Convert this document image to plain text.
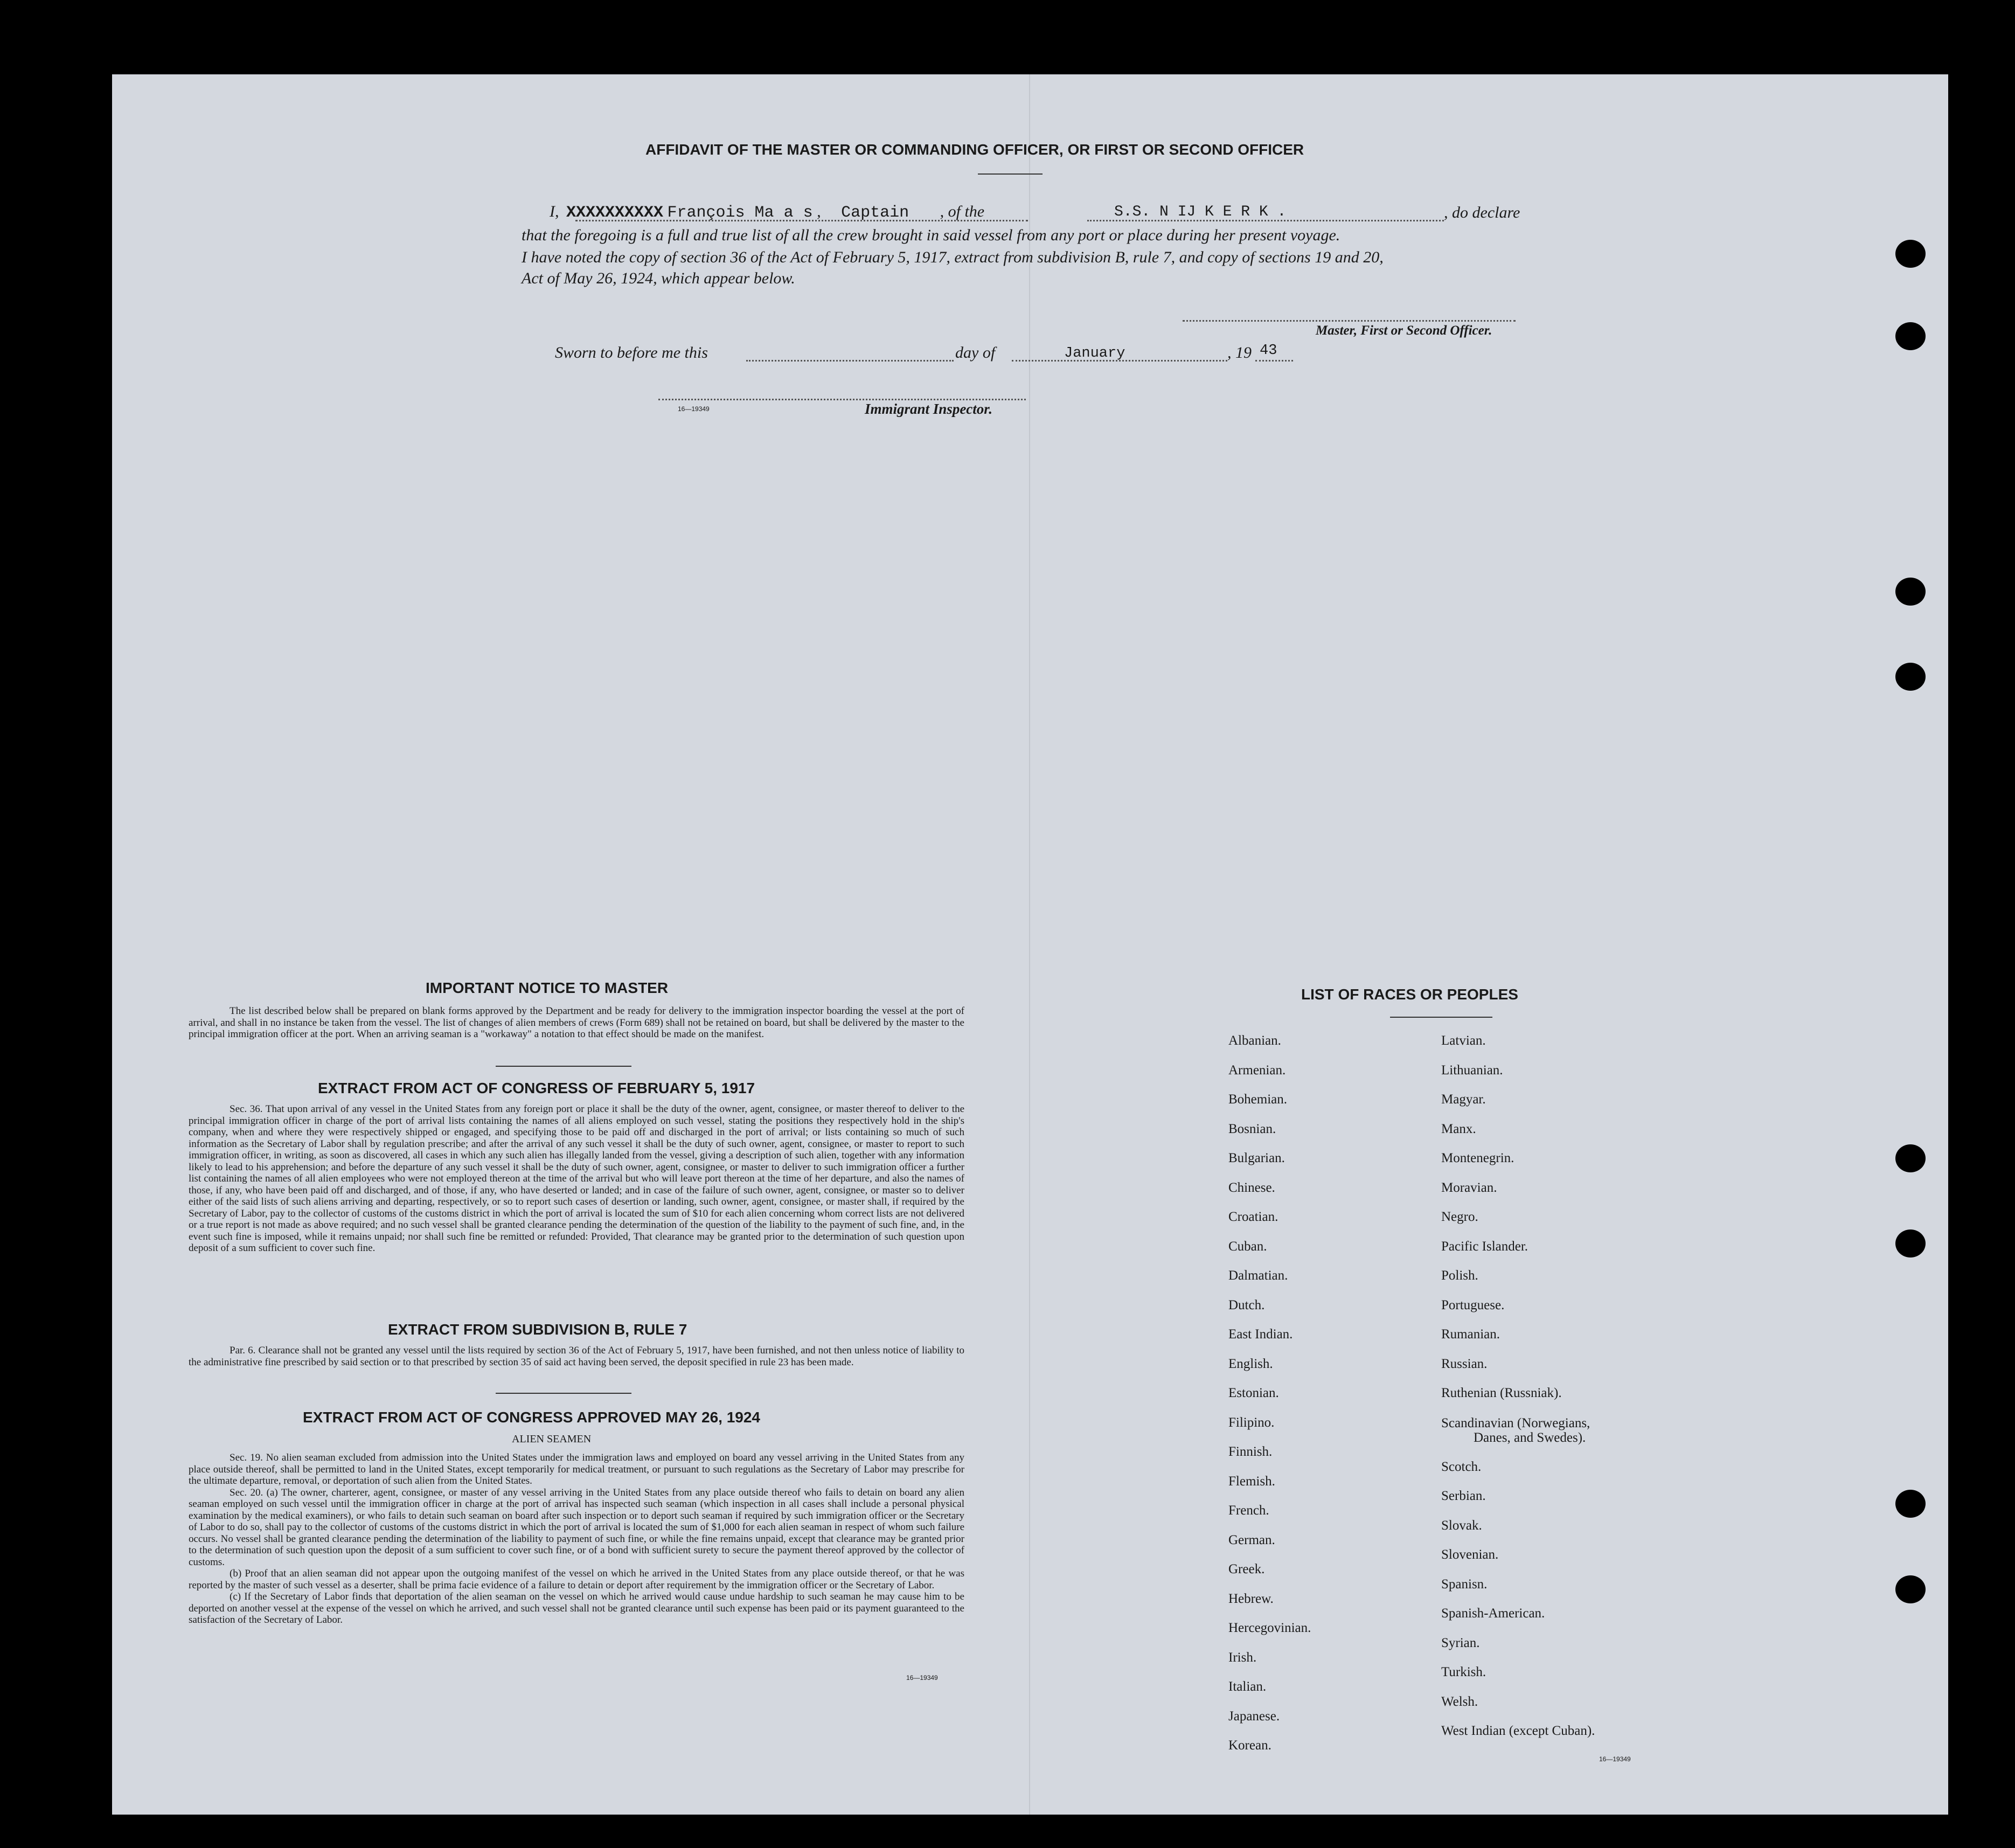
AFFIDAVIT OF THE MASTER OR COMMANDING OFFICER, OR FIRST OR SECOND OFFICER
I, XXXXXXXXXX François Ma a s , Captain , of the	S.S. N IJ K E R K .	, do declare
that the foregoing is a full and true list of all the crew brought in said vessel from any port or place during her present voyage.
I have noted the copy of section 36 of the Act of February 5, 1917, extract from subdivision B, rule 7, and copy of sections 19 and 20,
Act of May 26, 1924, which appear below.
Master, First or Second Officer.
Sworn to before me this	day of	January	, 19 43
16—19349	Immigrant Inspector.
IMPORTANT NOTICE TO MASTER

The list described below shall be prepared on blank forms approved by the Department and be ready for delivery to the immigration inspector boarding the vessel at the port of arrival, and shall in no instance be taken from the vessel. The list of changes of alien members of crews (Form 689) shall not be retained on board, but shall be delivered by the master to the principal immigration officer at the port. When an arriving seaman is a "workaway" a notation to that effect should be made on the manifest.

EXTRACT FROM ACT OF CONGRESS OF FEBRUARY 5, 1917

Sec. 36. That upon arrival of any vessel in the United States from any foreign port or place it shall be the duty of the owner, agent, consignee, or master thereof to deliver to the principal immigration officer in charge of the port of arrival lists containing the names of all aliens employed on such vessel, stating the positions they respectively hold in the ship's company, when and where they were respectively shipped or engaged, and specifying those to be paid off and discharged in the port of arrival; or lists containing so much of such information as the Secretary of Labor shall by regulation prescribe; and after the arrival of any such vessel it shall be the duty of such owner, agent, consignee, or master to report to such immigration officer, in writing, as soon as discovered, all cases in which any such alien has illegally landed from the vessel, giving a description of such alien, together with any information likely to lead to his apprehension; and before the departure of any such vessel it shall be the duty of such owner, agent, consignee, or master to deliver to such immigration officer a further list containing the names of all alien employees who were not employed thereon at the time of the arrival but who will leave port thereon at the time of her departure, and also the names of those, if any, who have been paid off and discharged, and of those, if any, who have deserted or landed; and in case of the failure of such owner, agent, consignee, or master so to deliver either of the said lists of such aliens arriving and departing, respectively, or so to report such cases of desertion or landing, such owner, agent, consignee, or master shall, if required by the Secretary of Labor, pay to the collector of customs of the customs district in which the port of arrival is located the sum of $10 for each alien concerning whom correct lists are not delivered or a true report is not made as above required; and no such vessel shall be granted clearance pending the determination of the question of the liability to the payment of such fine, and, in the event such fine is imposed, while it remains unpaid; nor shall such fine be remitted or refunded: Provided, That clearance may be granted prior to the determination of such question upon deposit of a sum sufficient to cover such fine.

EXTRACT FROM SUBDIVISION B, RULE 7

Par. 6. Clearance shall not be granted any vessel until the lists required by section 36 of the Act of February 5, 1917, have been furnished, and not then unless notice of liability to the administrative fine prescribed by said section or to that prescribed by section 35 of said act having been served, the deposit specified in rule 23 has been made.

EXTRACT FROM ACT OF CONGRESS APPROVED MAY 26, 1924
ALIEN SEAMEN

Sec. 19. No alien seaman excluded from admission into the United States under the immigration laws and employed on board any vessel arriving in the United States from any place outside thereof, shall be permitted to land in the United States, except temporarily for medical treatment, or pursuant to such regulations as the Secretary of Labor may prescribe for the ultimate departure, removal, or deportation of such alien from the United States.

Sec. 20. (a) The owner, charterer, agent, consignee, or master of any vessel arriving in the United States from any place outside thereof who fails to detain on board any alien seaman employed on such vessel until the immigration officer in charge at the port of arrival has inspected such seaman (which inspection in all cases shall include a personal physical examination by the medical examiners), or who fails to detain such seaman on board after such inspection or to deport such seaman if required by such immigration officer or the Secretary of Labor to do so, shall pay to the collector of customs of the customs district in which the port of arrival is located the sum of $1,000 for each alien seaman in respect of whom such failure occurs. No vessel shall be granted clearance pending the determination of the liability to payment of such fine, or while the fine remains unpaid, except that clearance may be granted prior to the determination of such question upon the deposit of a sum sufficient to cover such fine, or of a bond with sufficient surety to secure the payment thereof approved by the collector of customs.

(b) Proof that an alien seaman did not appear upon the outgoing manifest of the vessel on which he arrived in the United States from any place outside thereof, or that he was reported by the master of such vessel as a deserter, shall be prima facie evidence of a failure to detain or deport after requirement by the immigration officer or the Secretary of Labor.

(c) If the Secretary of Labor finds that deportation of the alien seaman on the vessel on which he arrived would cause undue hardship to such seaman he may cause him to be deported on another vessel at the expense of the vessel on which he arrived, and such vessel shall not be granted clearance until such expense has been paid or its payment guaranteed to the satisfaction of the Secretary of Labor.

16—19349
LIST OF RACES OR PEOPLES
Albanian.
Armenian.
Bohemian.
Bosnian.
Bulgarian.
Chinese.
Croatian.
Cuban.
Dalmatian.
Dutch.
East Indian.
English.
Estonian.
Filipino.
Finnish.
Flemish.
French.
German.
Greek.
Hebrew.
Hercegovinian.
Irish.
Italian.
Japanese.
Korean.
Latvian.
Lithuanian.
Magyar.
Manx.
Montenegrin.
Moravian.
Negro.
Pacific Islander.
Polish.
Portuguese.
Rumanian.
Russian.
Ruthenian (Russniak).
Scandinavian (Norwegians,
Danes, and Swedes).
Scotch.
Serbian.
Slovak.
Slovenian.
Spanisn.
Spanish-American.
Syrian.
Turkish.
Welsh.
West Indian (except Cuban).
16—19349
